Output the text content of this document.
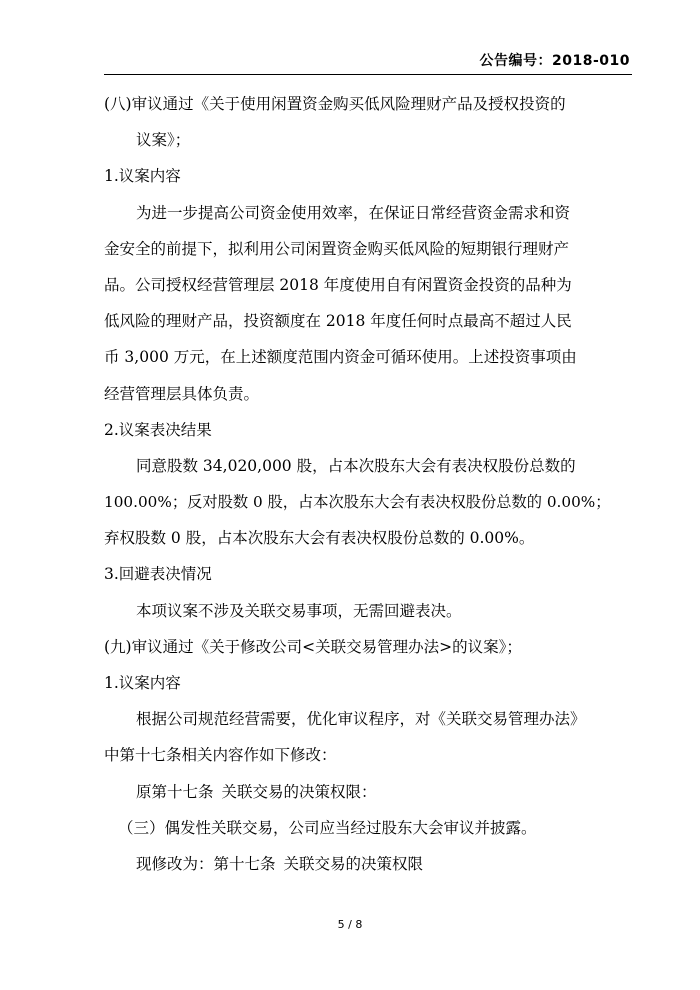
公告编号：2018-010
(八)审议通过《关于使用闲置资金购买低风险理财产品及授权投资的
议案》；
1.议案内容
为进一步提高公司资金使用效率，在保证日常经营资金需求和资
金安全的前提下，拟利用公司闲置资金购买低风险的短期银行理财产
品。公司授权经营管理层 2018 年度使用自有闲置资金投资的品种为
低风险的理财产品，投资额度在 2018 年度任何时点最高不超过人民
币 3,000 万元，在上述额度范围内资金可循环使用。上述投资事项由
经营管理层具体负责。
2.议案表决结果
同意股数 34,020,000 股，占本次股东大会有表决权股份总数的
100.00%；反对股数 0 股，占本次股东大会有表决权股份总数的 0.00%；
弃权股数 0 股，占本次股东大会有表决权股份总数的 0.00%。
3.回避表决情况
本项议案不涉及关联交易事项，无需回避表决。
(九)审议通过《关于修改公司<关联交易管理办法>的议案》；
1.议案内容
根据公司规范经营需要，优化审议程序，对《关联交易管理办法》
中第十七条相关内容作如下修改：
原第十七条 关联交易的决策权限：
（三）偶发性关联交易，公司应当经过股东大会审议并披露。
现修改为：第十七条 关联交易的决策权限
5 / 8
